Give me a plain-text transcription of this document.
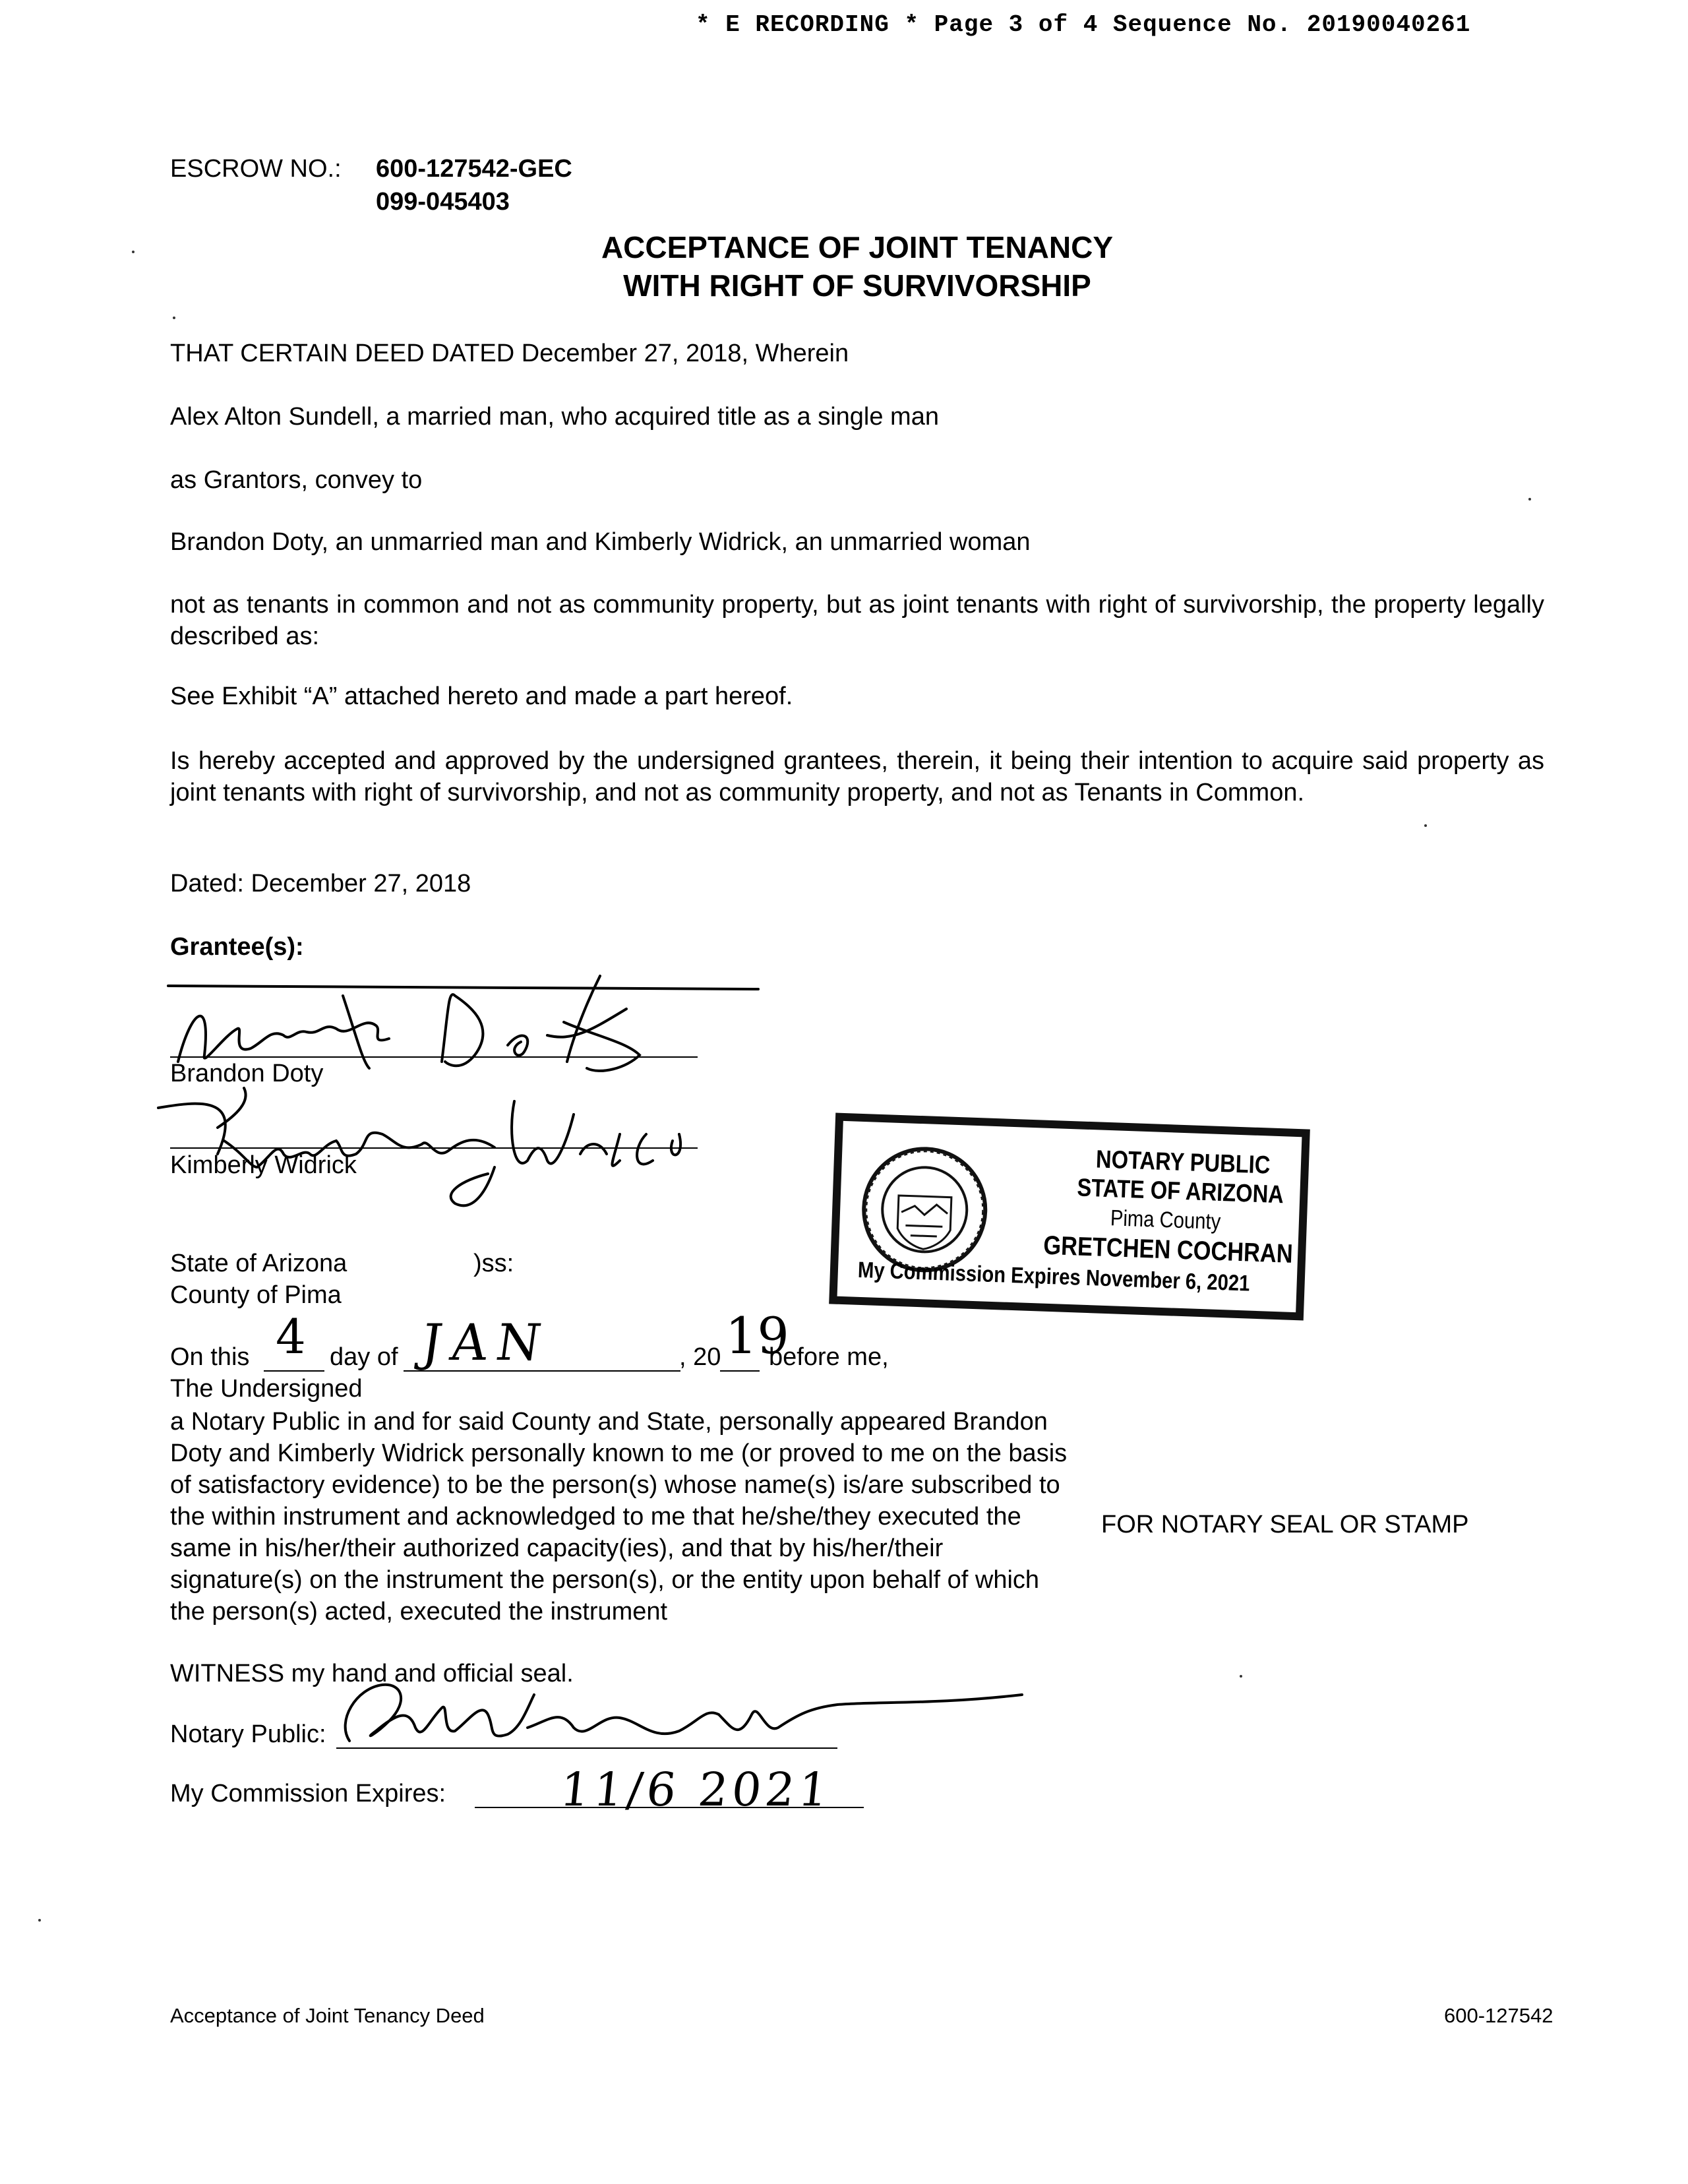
* E RECORDING * Page 3 of 4 Sequence No. 20190040261
ESCROW NO.: 600-127542-GEC
099-045403
ACCEPTANCE OF JOINT TENANCY
WITH RIGHT OF SURVIVORSHIP
THAT CERTAIN DEED DATED December 27, 2018, Wherein
Alex Alton Sundell, a married man, who acquired title as a single man
as Grantors, convey to
Brandon Doty, an unmarried man and Kimberly Widrick, an unmarried woman
not as tenants in common and not as community property, but as joint tenants with right of survivorship, the property legally described as:
See Exhibit “A” attached hereto and made a part hereof.
Is hereby accepted and approved by the undersigned grantees, therein, it being their intention to acquire said property as joint tenants with right of survivorship, and not as community property, and not as Tenants in Common.
Dated: December 27, 2018
Grantee(s):
Brandon Doty
Kimberly Widrick	NOTARY PUBLIC
STATE OF ARIZONA
Pima County
GRETCHEN COCHRAN
My Commission Expires November 6, 2021
State of Arizona	)ss:
County of Pima
On this 4 day of JAN	, 20 19
before me,
The Undersigned
a Notary Public in and for said County and State, personally appeared Brandon Doty and Kimberly Widrick personally known to me (or proved to me on the basis of satisfactory evidence) to be the person(s) whose name(s) is/are subscribed to the within instrument and acknowledged to me that he/she/they executed the same in his/her/their authorized capacity(ies), and that by his/her/their signature(s) on the instrument the person(s), or the entity upon behalf of which the person(s) acted, executed the instrument
FOR NOTARY SEAL OR STAMP
WITNESS my hand and official seal.
Notary Public:
My Commission Expires: 11/6 2021
Acceptance of Joint Tenancy Deed	600-127542
